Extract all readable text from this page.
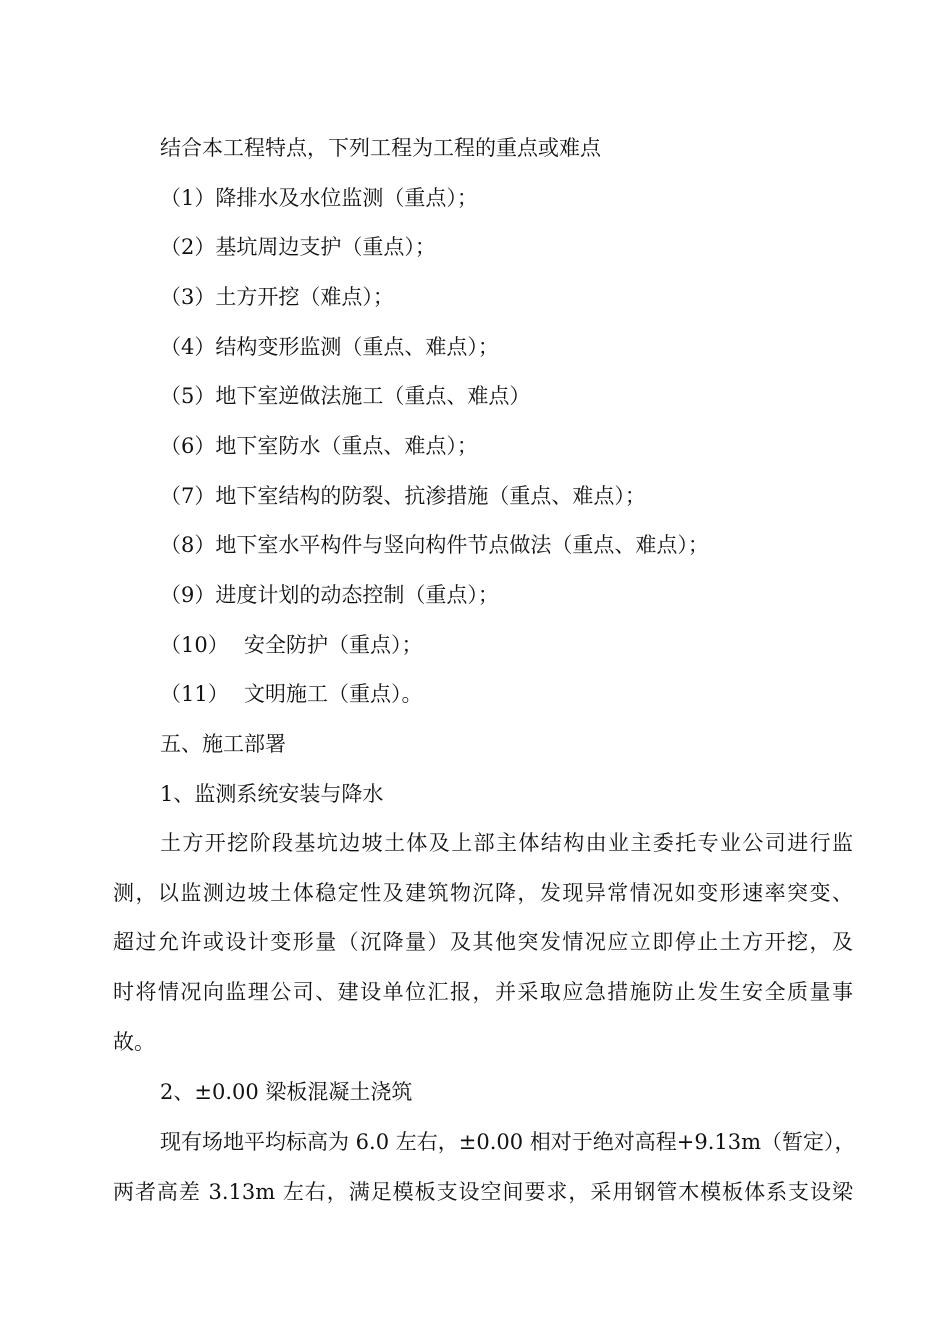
结合本工程特点，下列工程为工程的重点或难点
（1）降排水及水位监测（重点）；
（2）基坑周边支护（重点）；
（3）土方开挖（难点）；
（4）结构变形监测（重点、难点）；
（5）地下室逆做法施工（重点、难点）
（6）地下室防水（重点、难点）；
（7）地下室结构的防裂、抗渗措施（重点、难点）；
（8）地下室水平构件与竖向构件节点做法（重点、难点）；
（9）进度计划的动态控制（重点）；
（10） 安全防护（重点）；
（11） 文明施工（重点）。
五、施工部署
1、监测系统安装与降水
土方开挖阶段基坑边坡土体及上部主体结构由业主委托专业公司进行监
测，以监测边坡土体稳定性及建筑物沉降，发现异常情况如变形速率突变、
超过允许或设计变形量（沉降量）及其他突发情况应立即停止土方开挖，及
时将情况向监理公司、建设单位汇报，并采取应急措施防止发生安全质量事
故。
2、±0.00 梁板混凝土浇筑
现有场地平均标高为 6.0 左右，±0.00 相对于绝对高程+9.13m（暂定），
两者高差 3.13m 左右，满足模板支设空间要求，采用钢管木模板体系支设梁
